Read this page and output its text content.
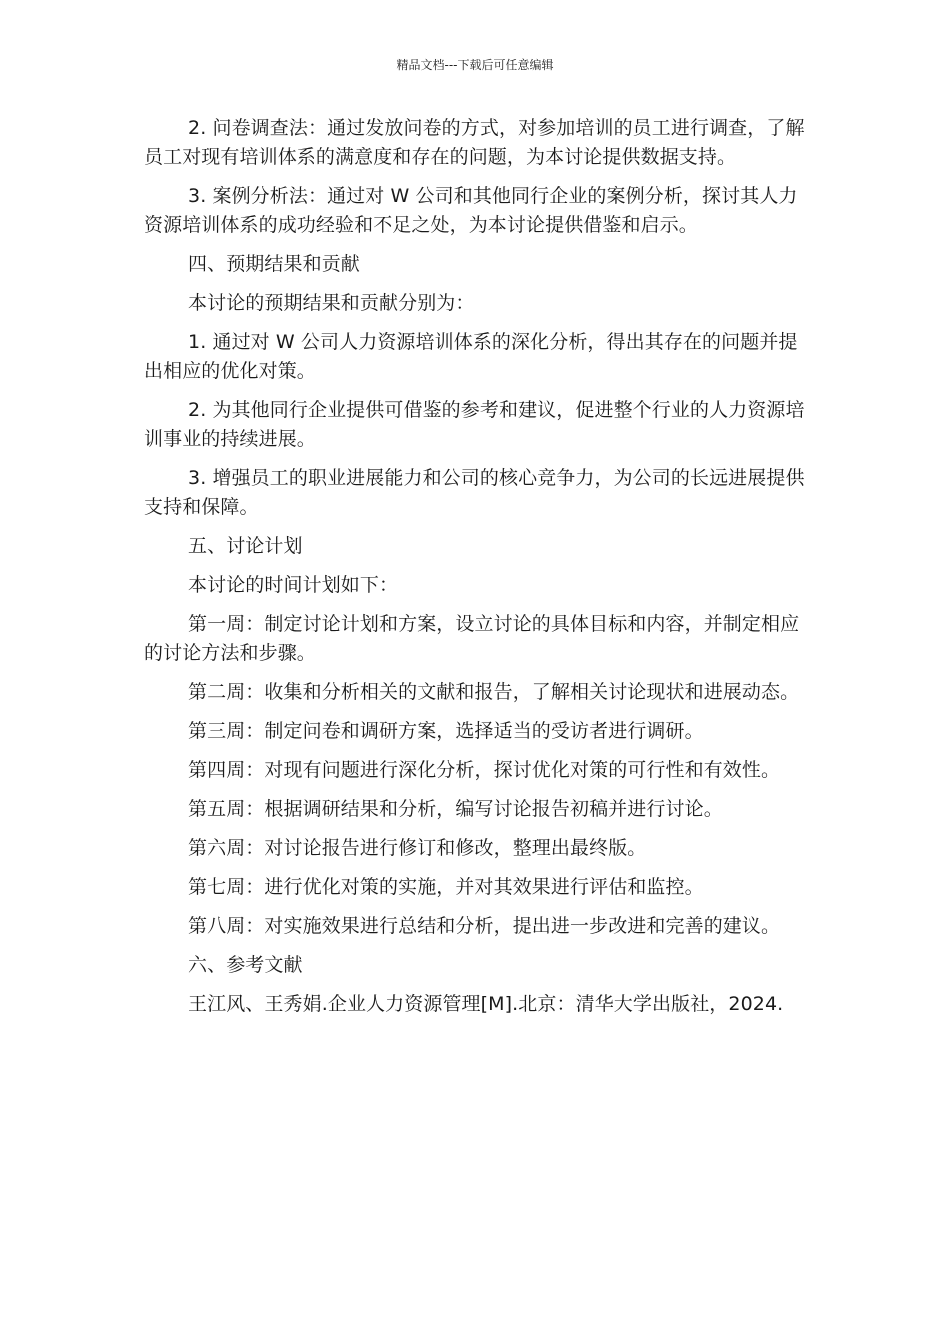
精品文档---下载后可任意编辑

2. 问卷调查法：通过发放问卷的方式，对参加培训的员工进行调查，了解员工对现有培训体系的满意度和存在的问题，为本讨论提供数据支持。

3. 案例分析法：通过对 W 公司和其他同行企业的案例分析，探讨其人力资源培训体系的成功经验和不足之处，为本讨论提供借鉴和启示。

四、预期结果和贡献

本讨论的预期结果和贡献分别为：

1. 通过对 W 公司人力资源培训体系的深化分析，得出其存在的问题并提出相应的优化对策。

2. 为其他同行企业提供可借鉴的参考和建议，促进整个行业的人力资源培训事业的持续进展。

3. 增强员工的职业进展能力和公司的核心竞争力，为公司的长远进展提供支持和保障。

五、讨论计划

本讨论的时间计划如下：

第一周：制定讨论计划和方案，设立讨论的具体目标和内容，并制定相应的讨论方法和步骤。

第二周：收集和分析相关的文献和报告，了解相关讨论现状和进展动态。

第三周：制定问卷和调研方案，选择适当的受访者进行调研。

第四周：对现有问题进行深化分析，探讨优化对策的可行性和有效性。

第五周：根据调研结果和分析，编写讨论报告初稿并进行讨论。

第六周：对讨论报告进行修订和修改，整理出最终版。

第七周：进行优化对策的实施，并对其效果进行评估和监控。

第八周：对实施效果进行总结和分析，提出进一步改进和完善的建议。

六、参考文献

王江风、王秀娟.企业人力资源管理[M].北京：清华大学出版社，2024.
